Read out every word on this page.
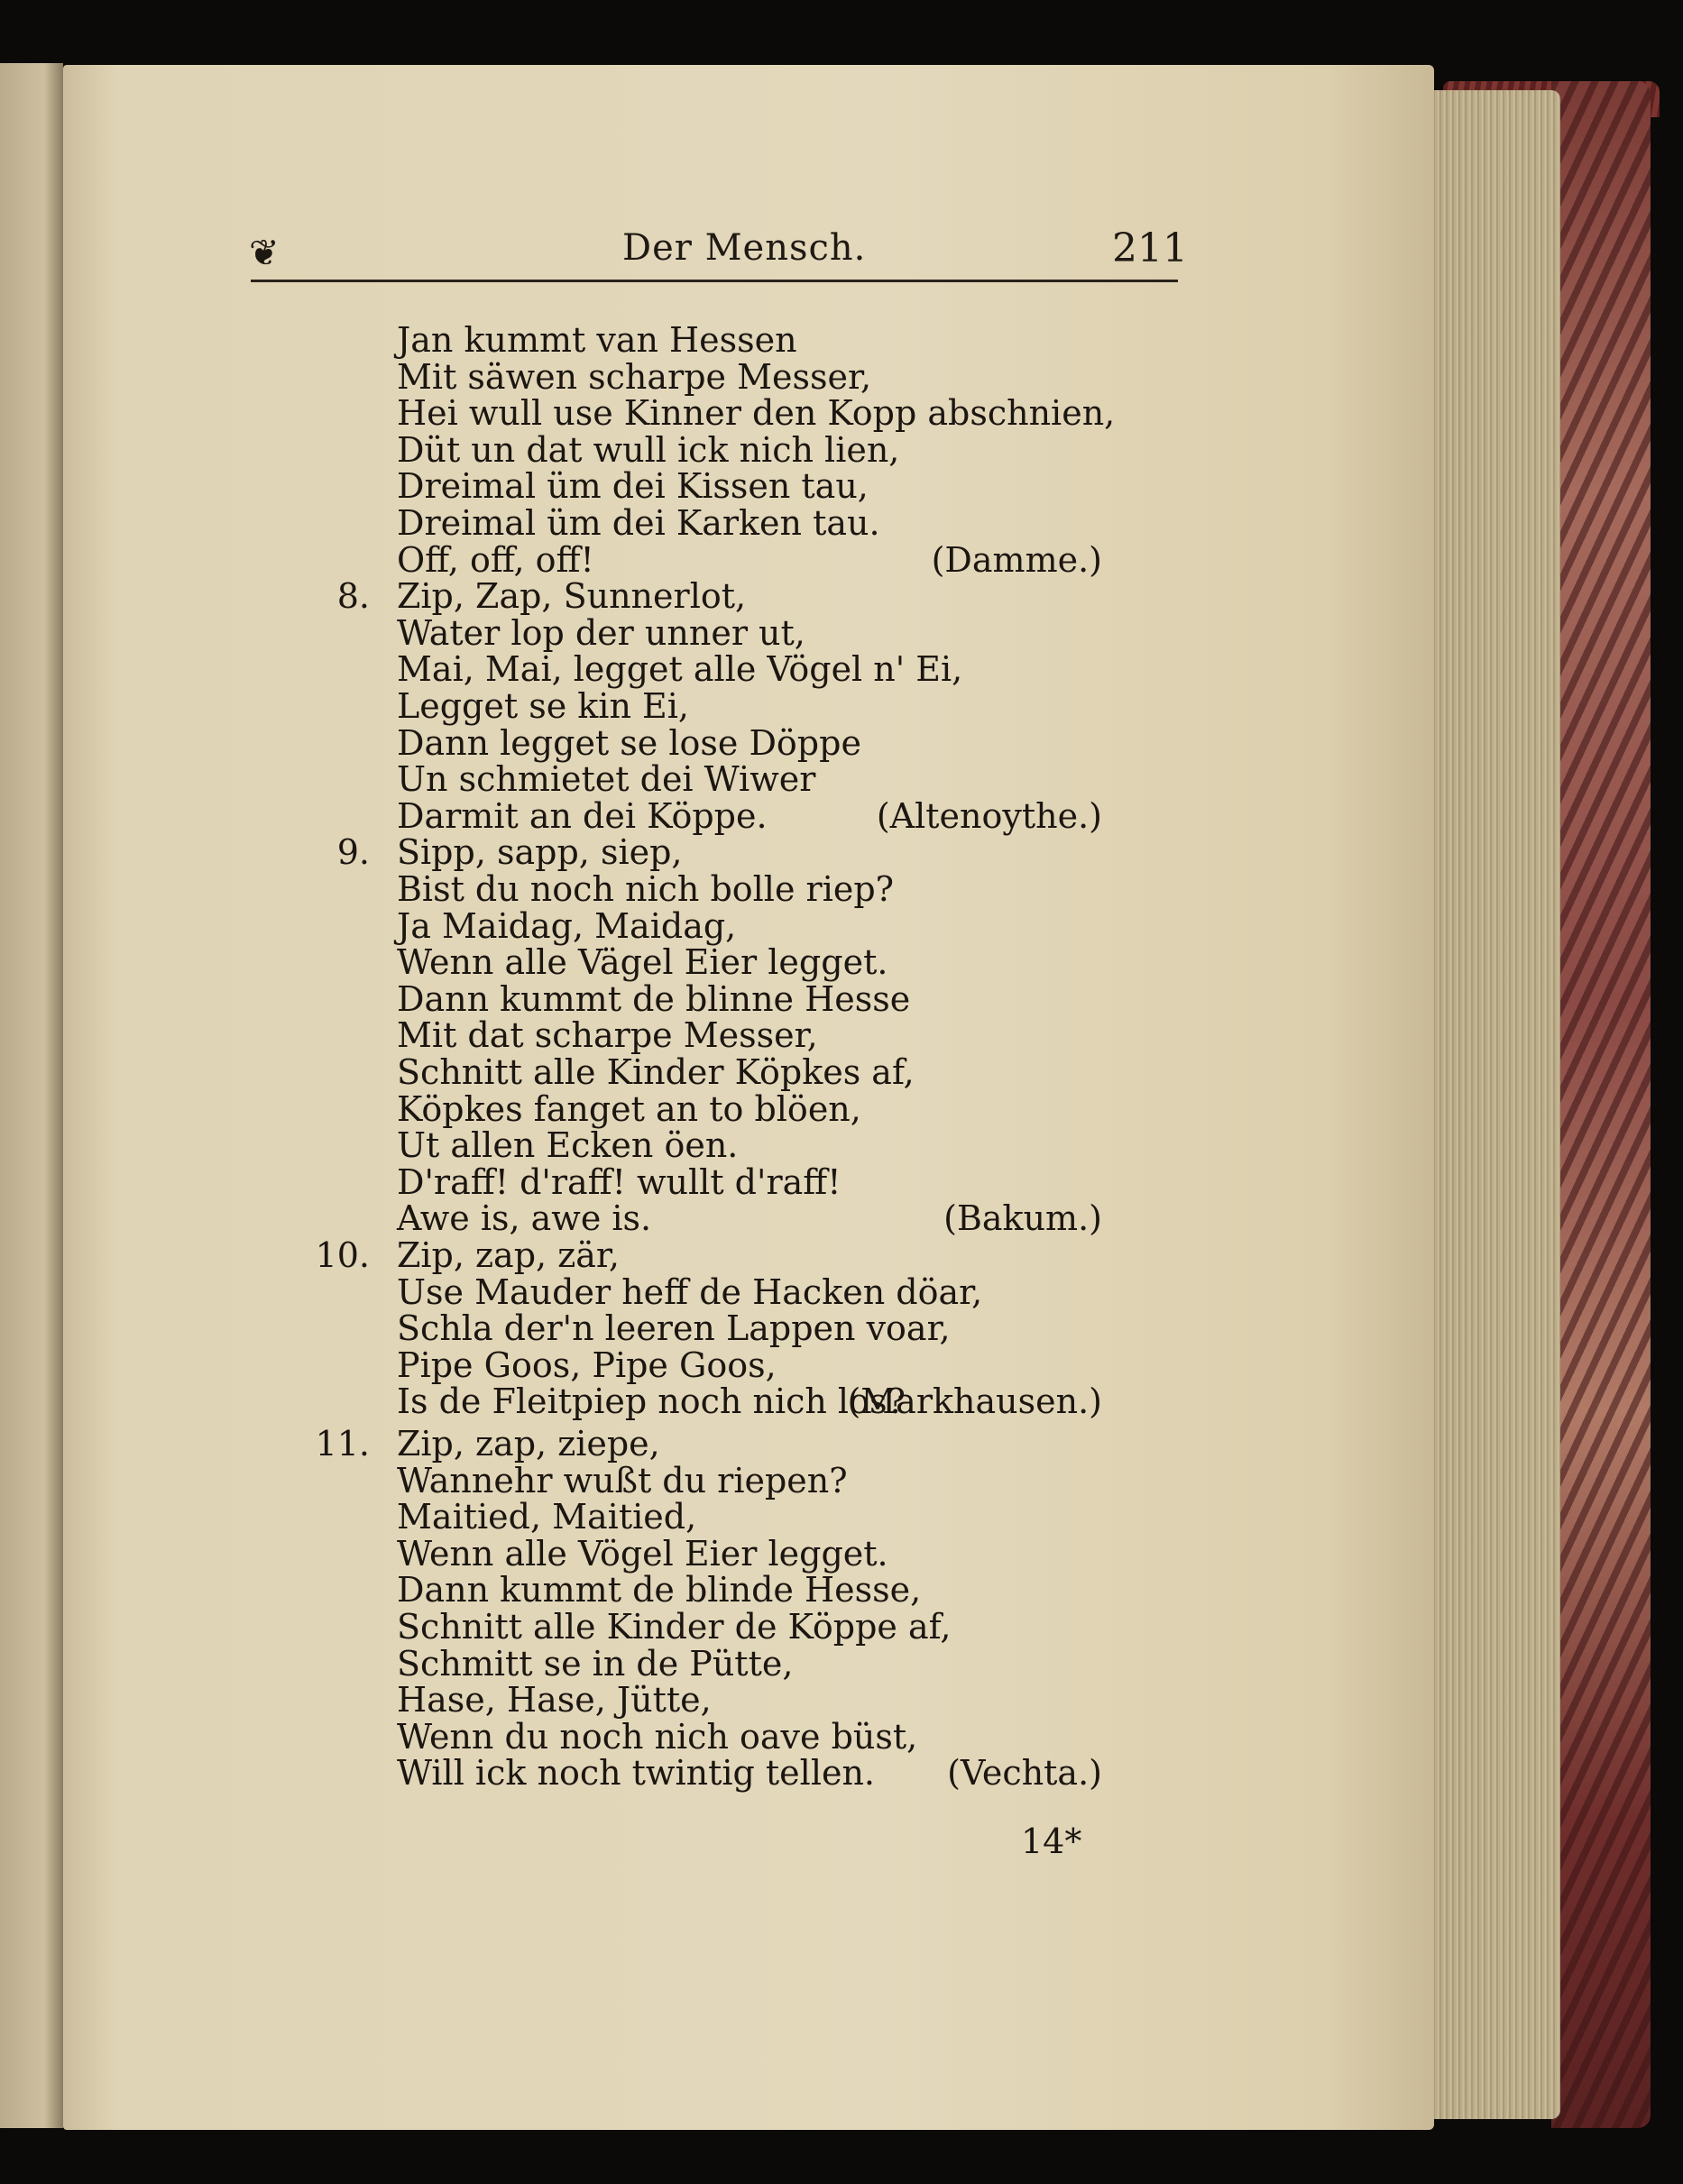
❦	Der Mensch.	211
Jan kummt van Hessen
Mit säwen scharpe Messer,
Hei wull use Kinner den Kopp abschnien,
Düt un dat wull ick nich lien,
Dreimal üm dei Kissen tau,
Dreimal üm dei Karken tau.
Off, off, off!	(Damme.)
8. Zip, Zap, Sunnerlot,
Water lop der unner ut,
Mai, Mai, legget alle Vögel n' Ei,
Legget se kin Ei,
Dann legget se lose Döppe
Un schmietet dei Wiwer
Darmit an dei Köppe.	(Altenoythe.)
9. Sipp, sapp, siep,
Bist du noch nich bolle riep?
Ja Maidag, Maidag,
Wenn alle Vägel Eier legget.
Dann kummt de blinne Hesse
Mit dat scharpe Messer,
Schnitt alle Kinder Köpkes af,
Köpkes fanget an to blöen,
Ut allen Ecken öen.
D'raff! d'raff! wullt d'raff!
Awe is, awe is.	(Bakum.)
10. Zip, zap, zär,
Use Mauder heff de Hacken döar,
Schla der'n leeren Lappen voar,
Pipe Goos, Pipe Goos,
Is de Fleitpiep noch nich los?
(Markhausen.)
11. Zip, zap, ziepe,
Wannehr wußt du riepen?
Maitied, Maitied,
Wenn alle Vögel Eier legget.
Dann kummt de blinde Hesse,
Schnitt alle Kinder de Köppe af,
Schmitt se in de Pütte,
Hase, Hase, Jütte,
Wenn du noch nich oave büst,
Will ick noch twintig tellen. (Vechta.)
14*
